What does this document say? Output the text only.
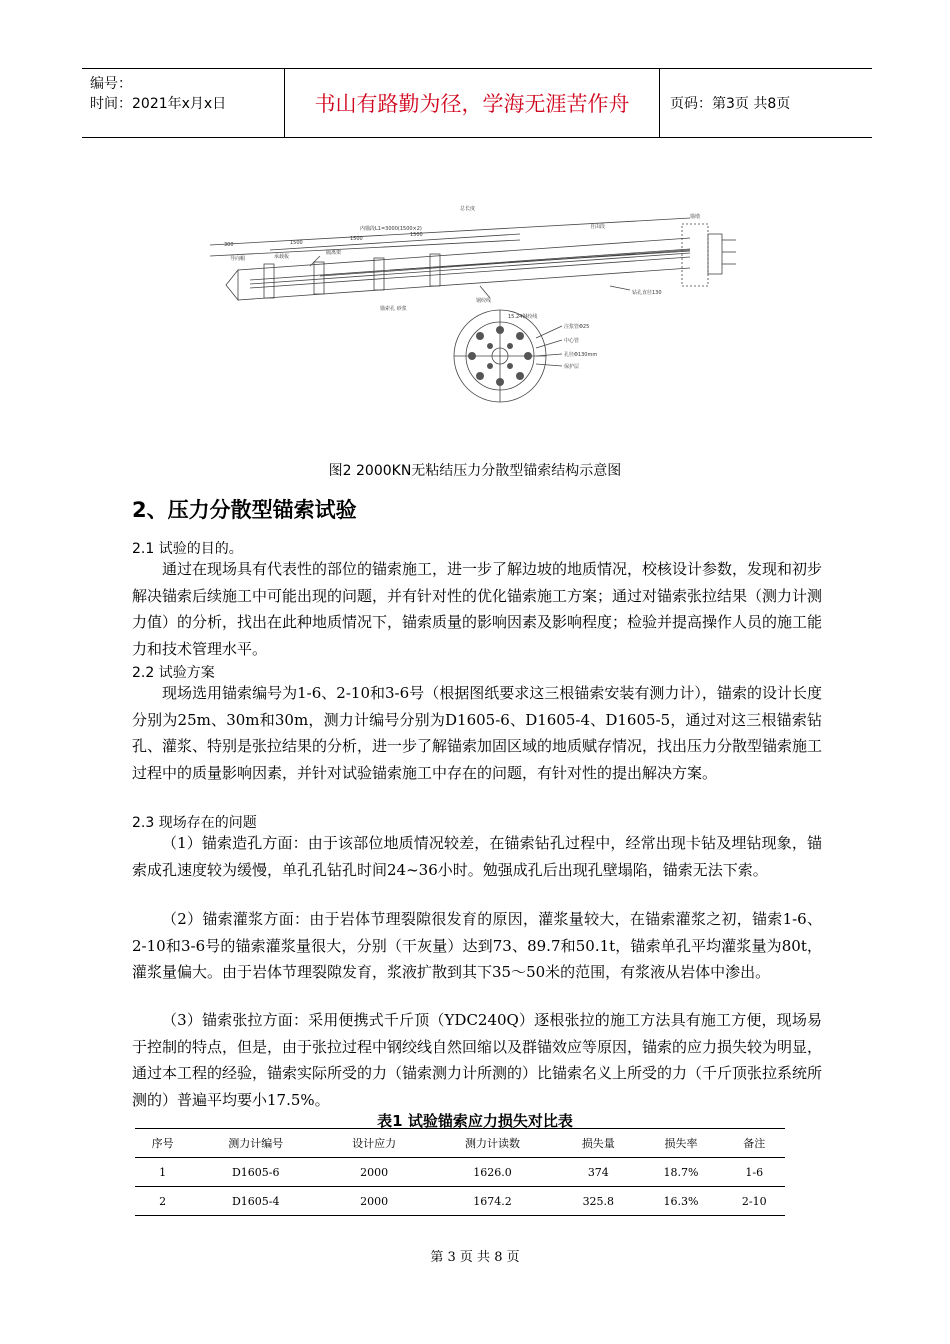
编号：
时间：2021年x月x日	书山有路勤为径，学海无涯苦作舟	页码：第3页 共8页
总长度
内锚段L1=3000(1500×2)
300	1500
1500
1500
自由段
导向帽	承载板
隔离架
钢绞线
锚索孔 砂浆
钻孔直径130
锚墩
15.24钢绞线
注浆管Φ25
中心管
孔径Φ130mm
保护层
图2 2000KN无粘结压力分散型锚索结构示意图
2、压力分散型锚索试验
2.1 试验的目的。
通过在现场具有代表性的部位的锚索施工，进一步了解边坡的地质情况，校核设计参数，发现和初步解决锚索后续施工中可能出现的问题，并有针对性的优化锚索施工方案；通过对锚索张拉结果（测力计测力值）的分析，找出在此种地质情况下，锚索质量的影响因素及影响程度；检验并提高操作人员的施工能力和技术管理水平。
2.2 试验方案
现场选用锚索编号为1-6、2-10和3-6号（根据图纸要求这三根锚索安装有测力计），锚索的设计长度分别为25m、30m和30m，测力计编号分别为D1605-6、D1605-4、D1605-5，通过对这三根锚索钻孔、灌浆、特别是张拉结果的分析，进一步了解锚索加固区域的地质赋存情况，找出压力分散型锚索施工过程中的质量影响因素，并针对试验锚索施工中存在的问题，有针对性的提出解决方案。
2.3 现场存在的问题
（1）锚索造孔方面：由于该部位地质情况较差，在锚索钻孔过程中，经常出现卡钻及埋钻现象，锚索成孔速度较为缓慢，单孔孔钻孔时间24~36小时。勉强成孔后出现孔壁塌陷，锚索无法下索。
（2）锚索灌浆方面：由于岩体节理裂隙很发育的原因，灌浆量较大，在锚索灌浆之初，锚索1-6、2-10和3-6号的锚索灌浆量很大，分别（干灰量）达到73、89.7和50.1t，锚索单孔平均灌浆量为80t，灌浆量偏大。由于岩体节理裂隙发育，浆液扩散到其下35～50米的范围，有浆液从岩体中渗出。
（3）锚索张拉方面：采用便携式千斤顶（YDC240Q）逐根张拉的施工方法具有施工方便，现场易于控制的特点，但是，由于张拉过程中钢绞线自然回缩以及群锚效应等原因，锚索的应力损失较为明显，通过本工程的经验，锚索实际所受的力（锚索测力计所测的）比锚索名义上所受的力（千斤顶张拉系统所测的）普遍平均要小17.5%。
表1 试验锚索应力损失对比表
序号	测力计编号	设计应力	测力计读数	损失量	损失率	备注
1	D1605-6	2000	1626.0	374	18.7%	1-6
2	D1605-4	2000	1674.2	325.8	16.3%	2-10
第 3 页 共 8 页
